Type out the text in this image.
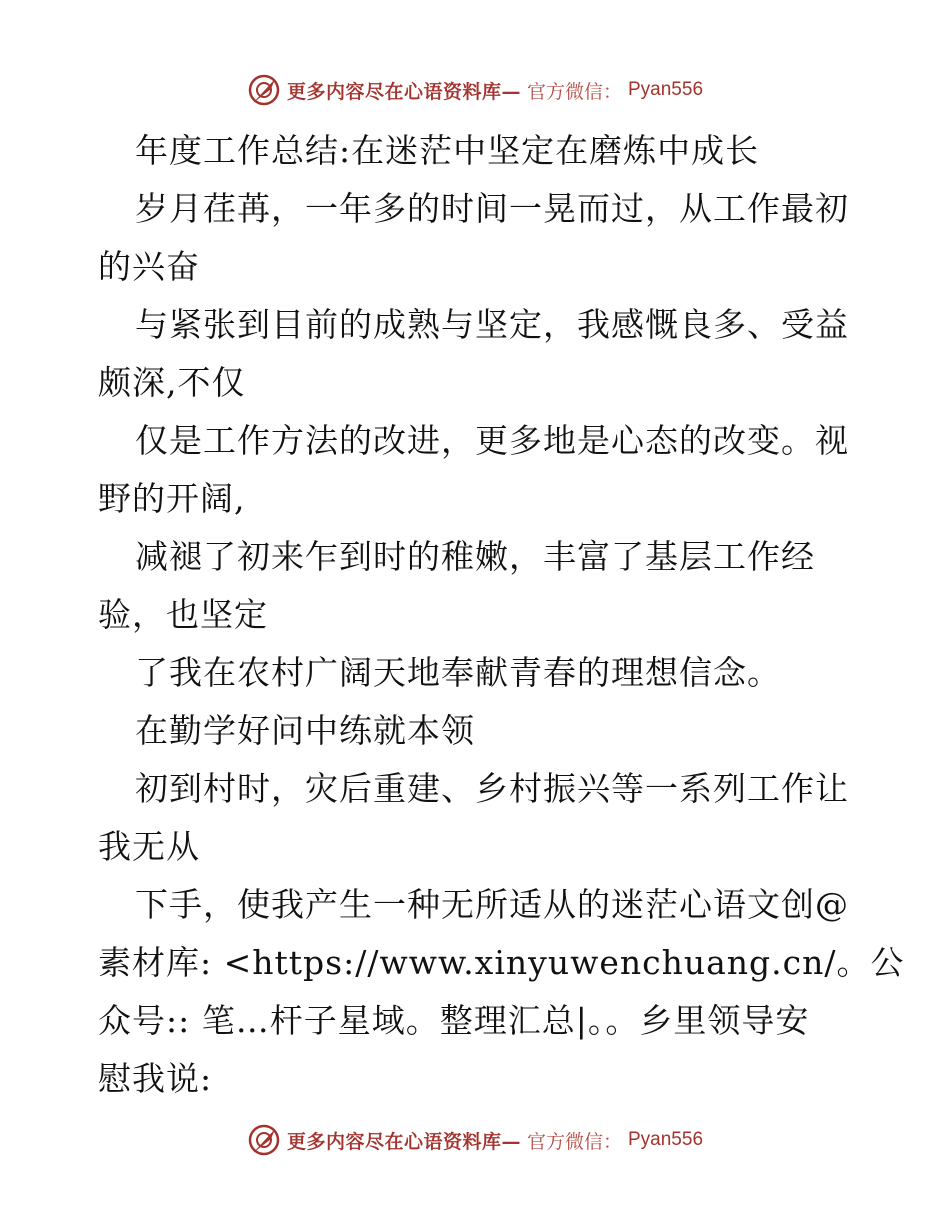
更多内容尽在心语资料库— 官方微信： Pyan556
年度工作总结:在迷茫中坚定在磨炼中成长
岁月荏苒，一年多的时间一晃而过，从工作最初
的兴奋
与紧张到目前的成熟与坚定，我感慨良多、受益
颇深,不仅
仅是工作方法的改进，更多地是心态的改变。视
野的开阔,
减褪了初来乍到时的稚嫩，丰富了基层工作经
验，也坚定
了我在农村广阔天地奉献青春的理想信念。
在勤学好问中练就本领
初到村时，灾后重建、乡村振兴等一系列工作让
我无从
下手，使我产生一种无所适从的迷茫心语文创@
素材库: <https://www.xinyuwenchuang.cn/。公
众号:: 笔…杆子星域。整理汇总|。。乡里领导安
慰我说:
更多内容尽在心语资料库— 官方微信： Pyan556
